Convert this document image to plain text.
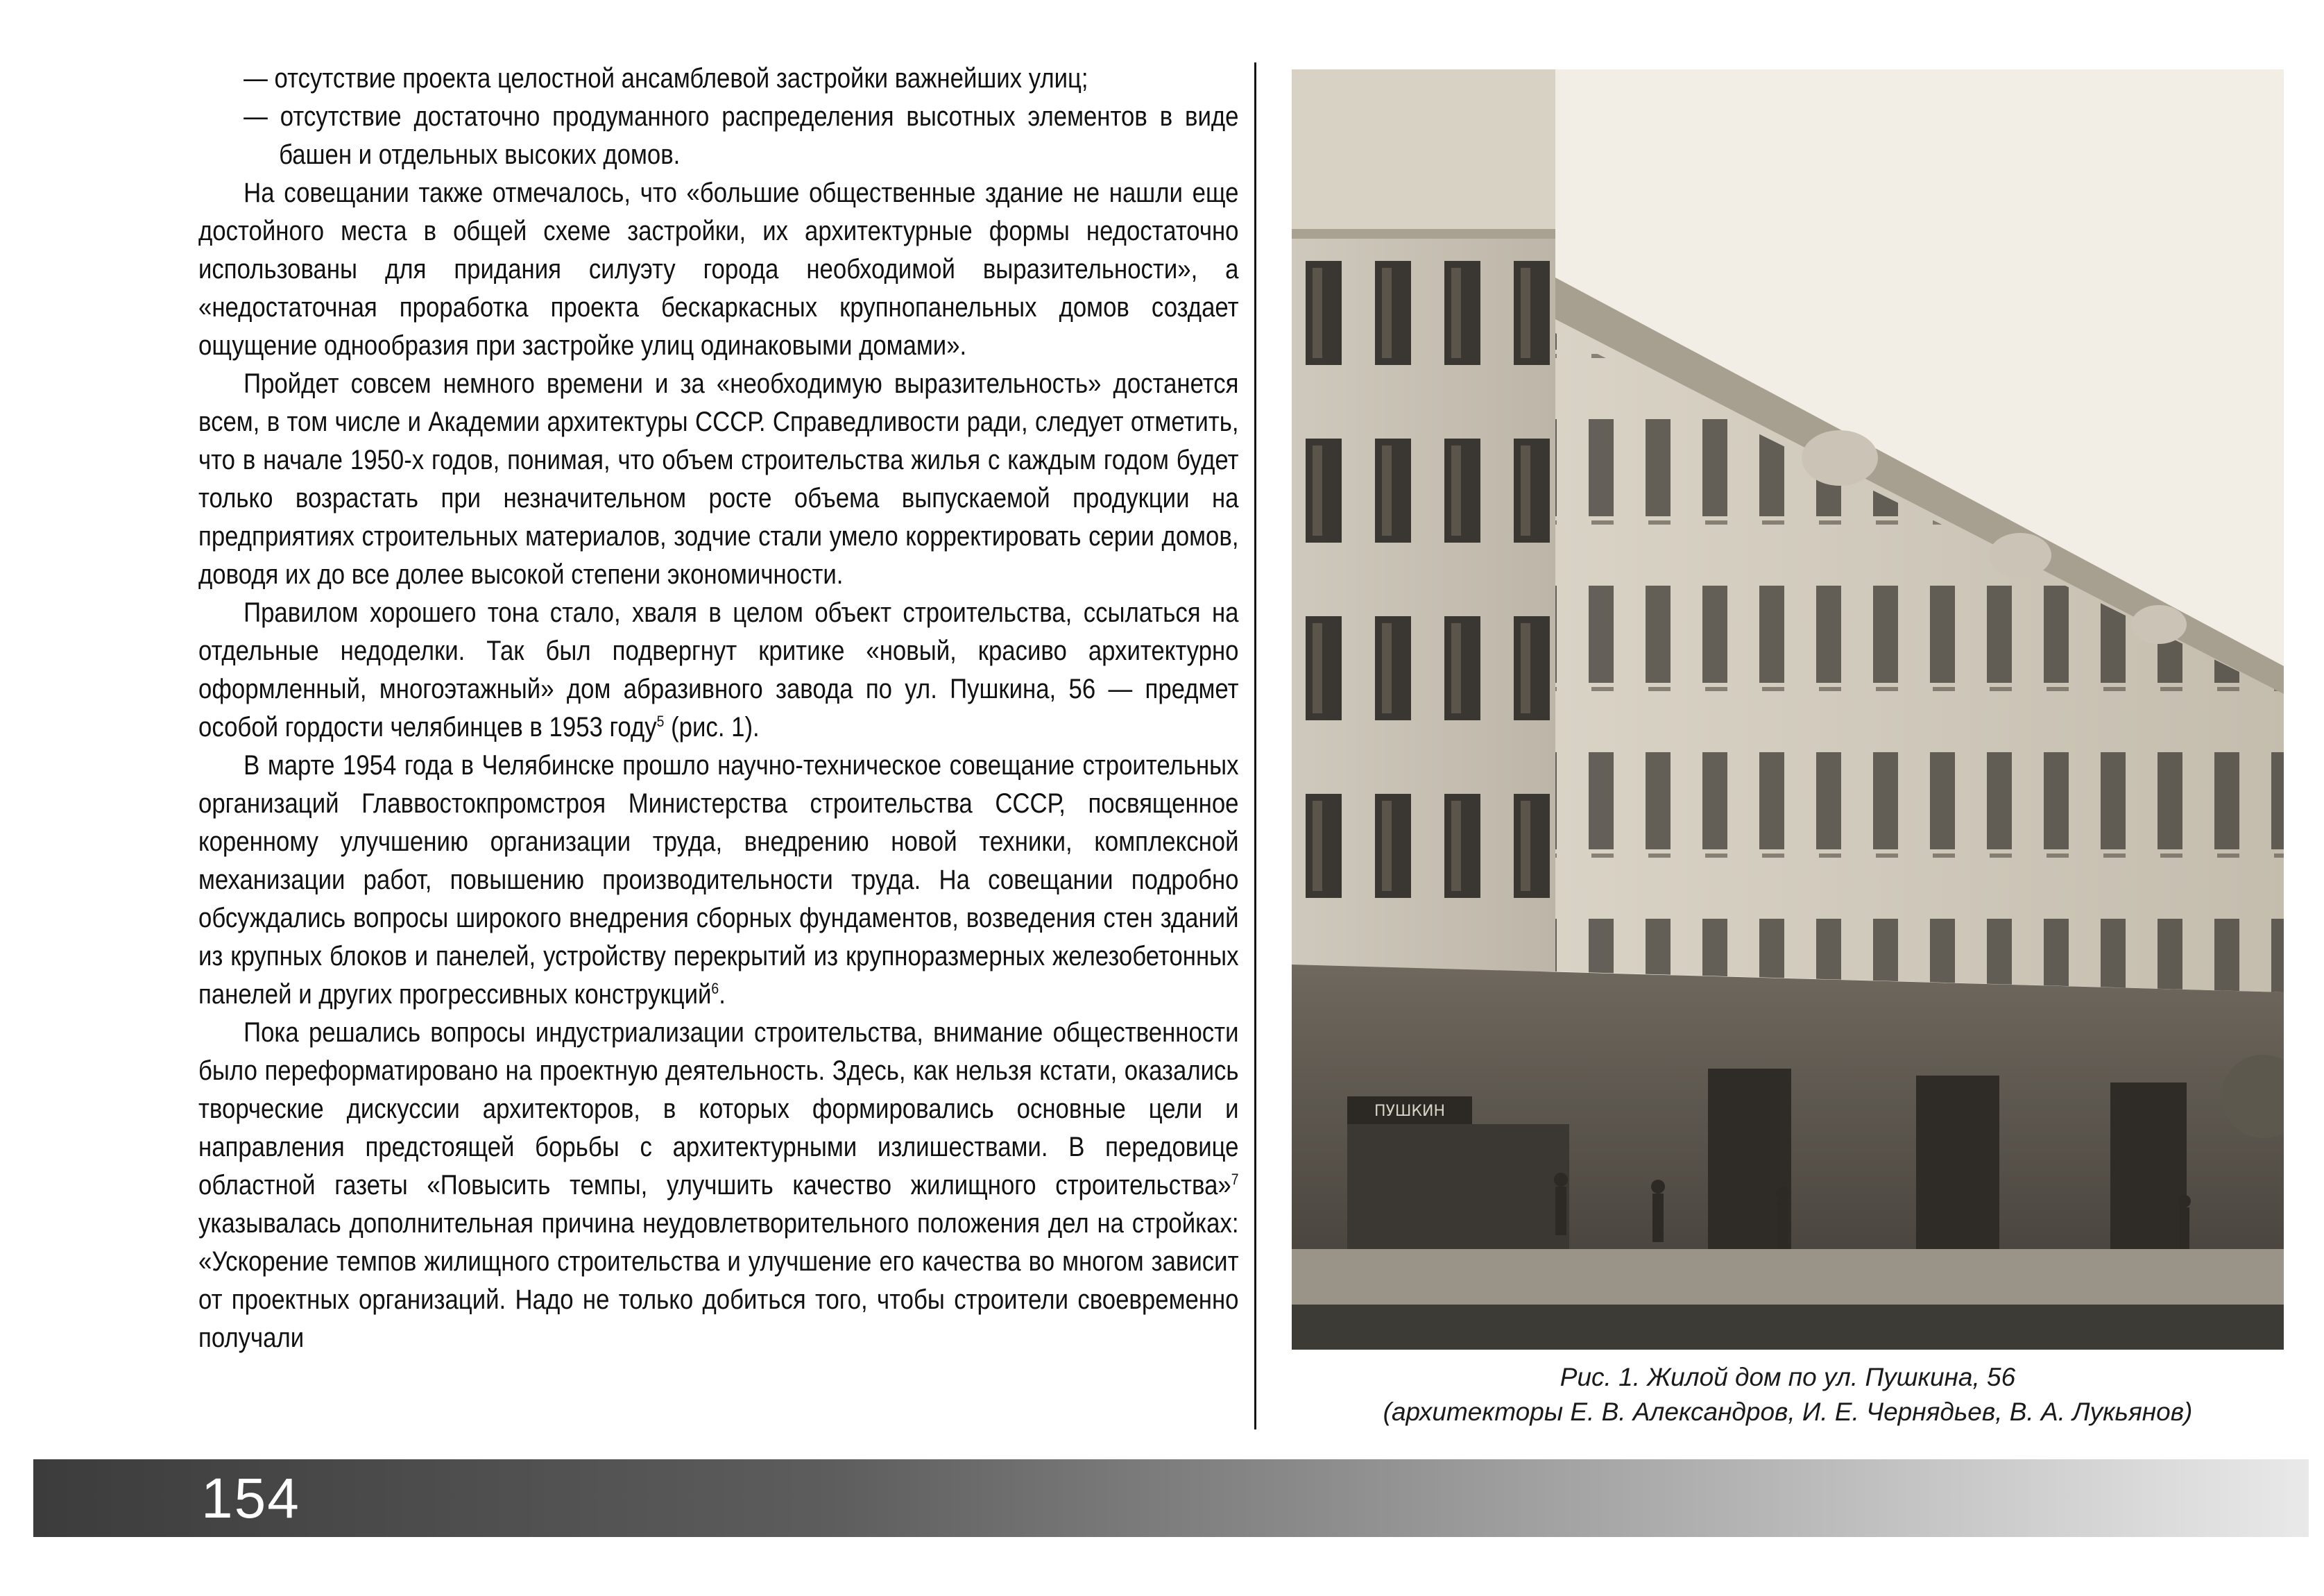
— отсутствие проекта целостной ансамблевой застройки важнейших улиц;

— отсутствие достаточно продуманного распределения высотных элементов в виде башен и отдельных высоких домов.

На совещании также отмечалось, что «большие общественные здание не нашли еще достойного места в общей схеме застройки, их архитектурные формы недостаточно использованы для придания силуэту города необходимой выразительности», а «недостаточная проработка проекта бескаркасных крупнопанельных домов создает ощущение однообразия при застройке улиц одинаковыми домами».

Пройдет совсем немного времени и за «необходимую выразительность» достанется всем, в том числе и Академии архитектуры СССР. Справедливости ради, следует отметить, что в начале 1950-х годов, понимая, что объем строительства жилья с каждым годом будет только возрастать при незначительном росте объема выпускаемой продукции на предприятиях строительных материалов, зодчие стали умело корректировать серии домов, доводя их до все долее высокой степени экономичности.

Правилом хорошего тона стало, хваля в целом объект строительства, ссылаться на отдельные недоделки. Так был подвергнут критике «новый, красиво архитектурно оформленный, многоэтажный» дом абразивного завода по ул. Пушкина, 56 — предмет особой гордости челябинцев в 1953 году$^5$ (рис. 1).

В марте 1954 года в Челябинске прошло научно-техническое совещание строительных организаций Главвостокпромстроя Министерства строительства СССР, посвященное коренному улучшению организации труда, внедрению новой техники, комплексной механизации работ, повышению производительности труда. На совещании подробно обсуждались вопросы широкого внедрения сборных фундаментов, возведения стен зданий из крупных блоков и панелей, устройству перекрытий из крупноразмерных железобетонных панелей и других прогрессивных конструкций$^6$.

Пока решались вопросы индустриализации строительства, внимание общественности было переформатировано на проектную деятельность. Здесь, как нельзя кстати, оказались творческие дискуссии архитекторов, в которых формировались основные цели и направления предстоящей борьбы с архитектурными излишествами. В передовице областной газеты «Повысить темпы, улучшить качество жилищного строительства»$^7$ указывалась дополнительная причина неудовлетворительного положения дел на стройках: «Ускорение темпов жилищного строительства и улучшение его качества во многом зависит от проектных организаций. Надо не только добиться того, чтобы строители своевременно получали

ПУШКИН
Рис. 1. Жилой дом по ул. Пушкина, 56
(архитекторы Е. В. Александров, И. Е. Чернядьев, В. А. Лукьянов)
154
